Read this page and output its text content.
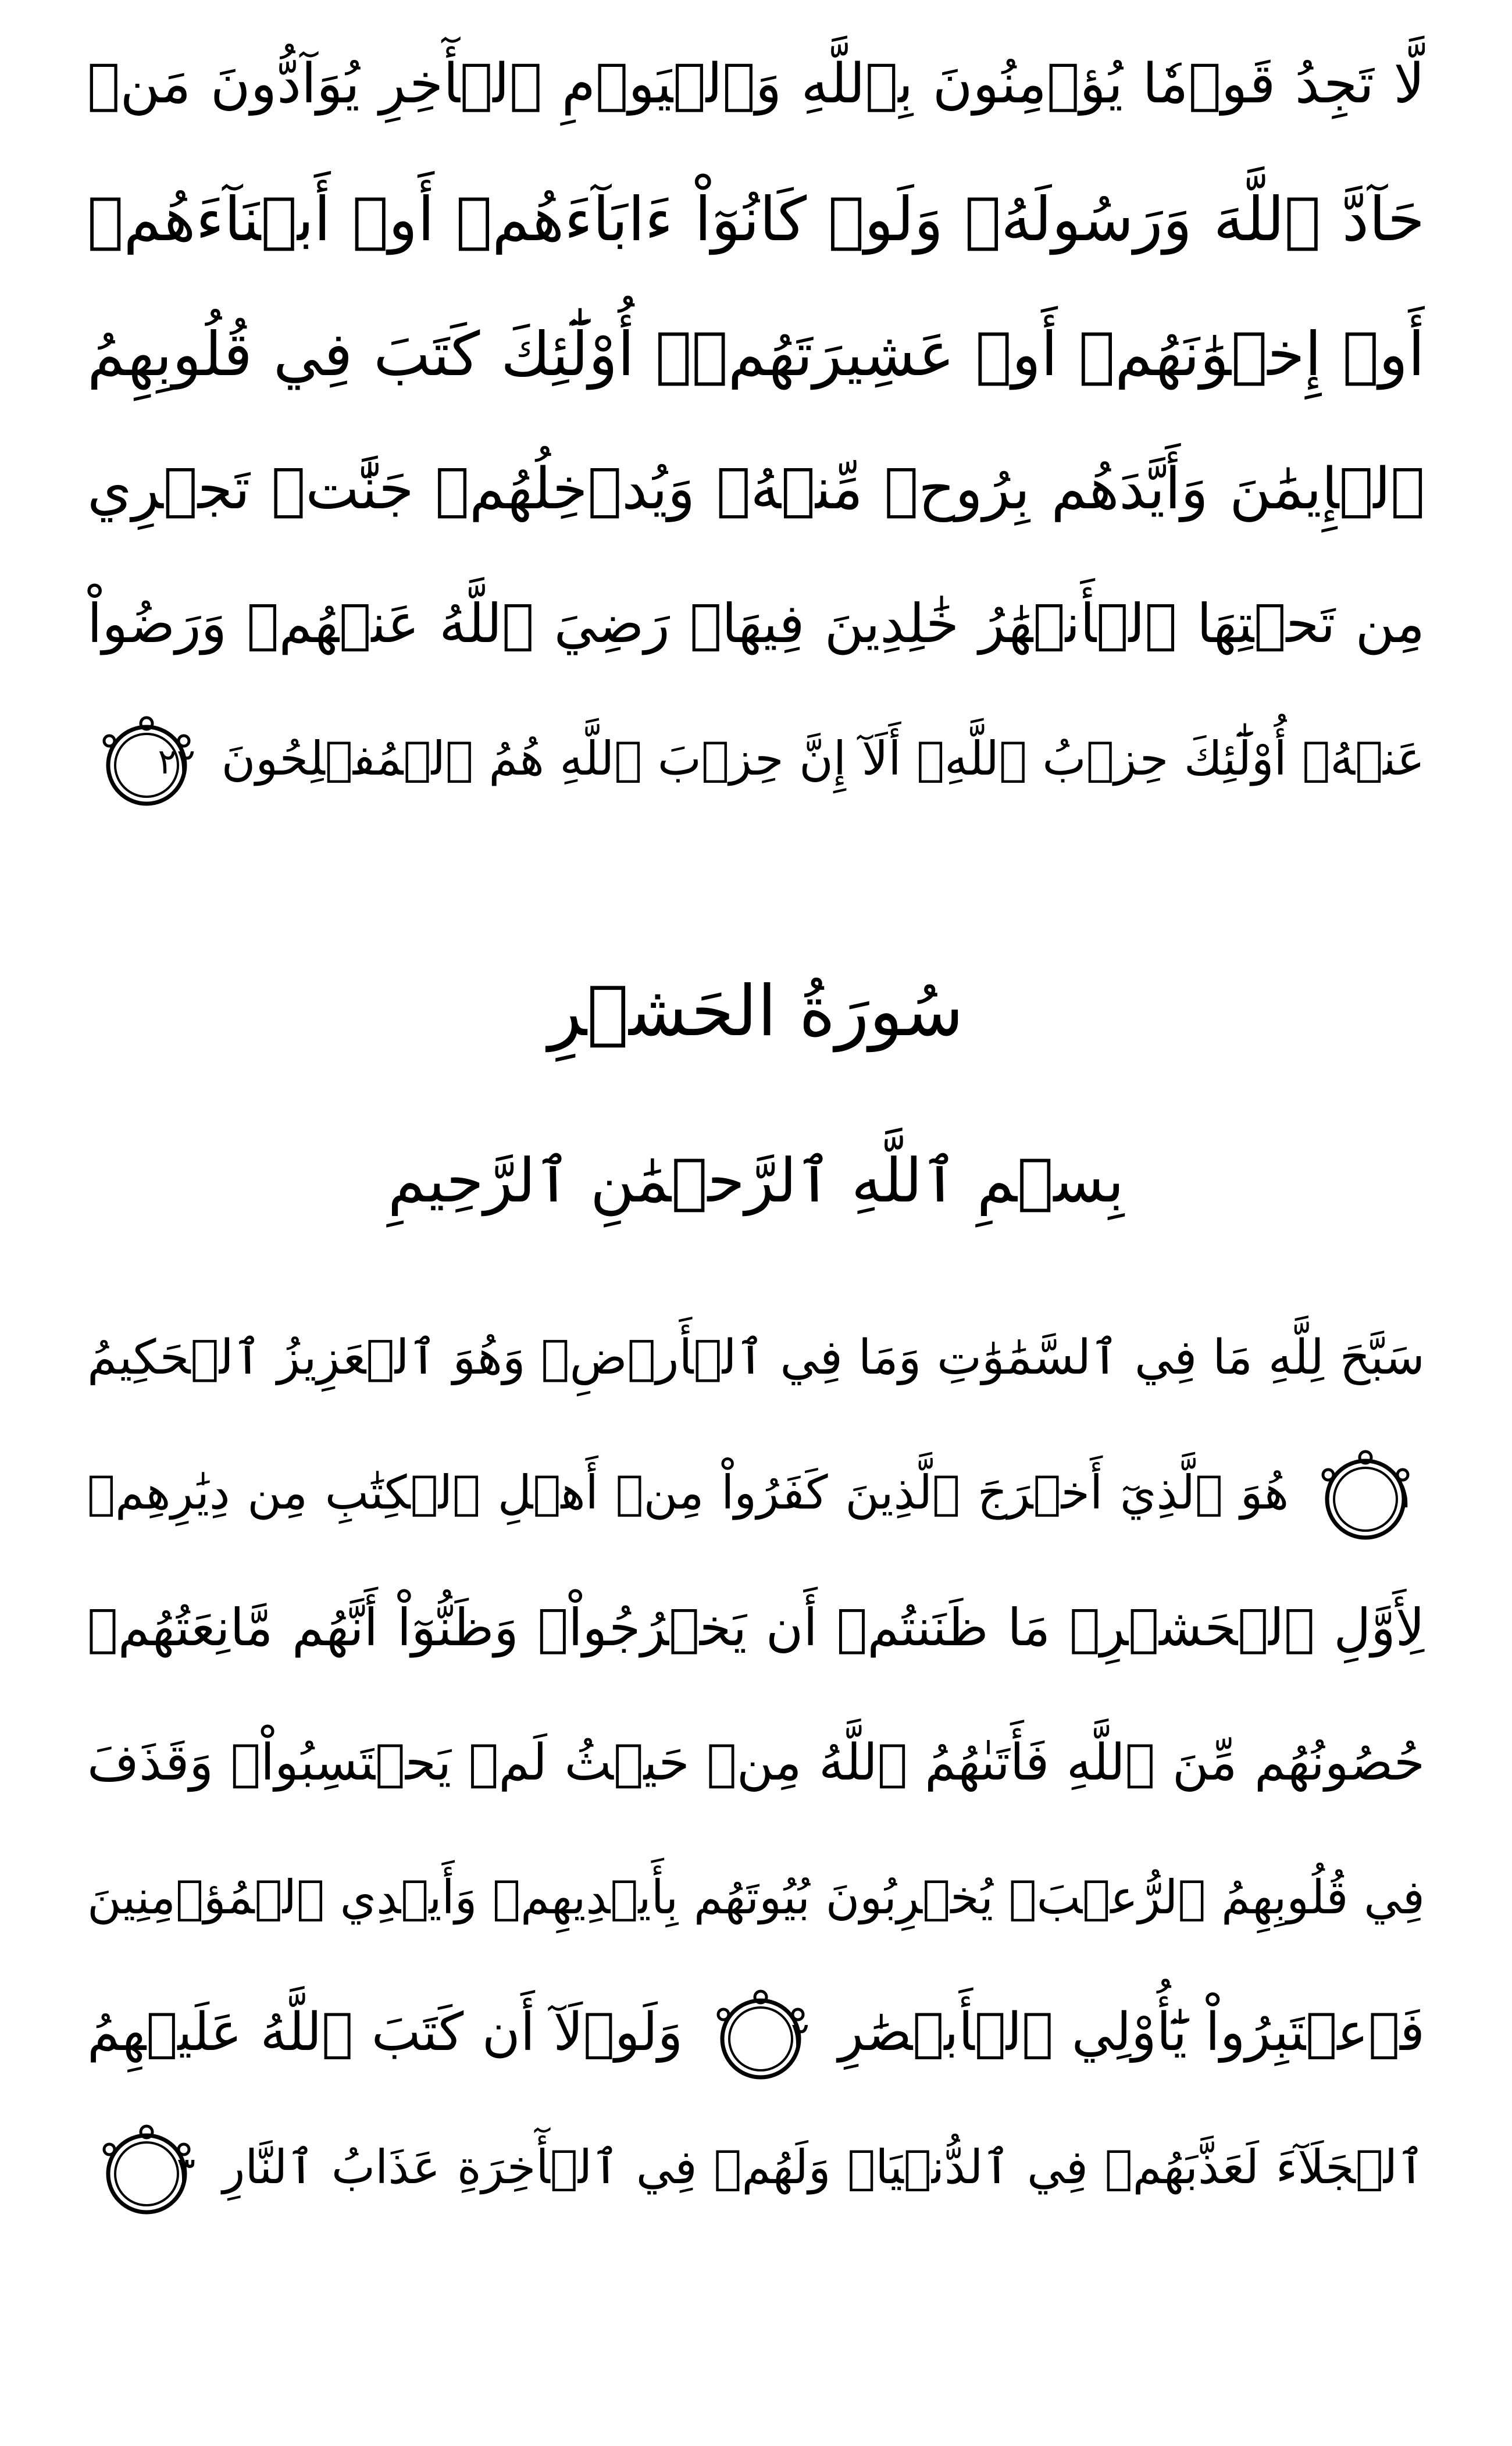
لَّا تَجِدُ قَوۡمٗا يُؤۡمِنُونَ بِٱللَّهِ وَٱلۡيَوۡمِ ٱلۡأٓخِرِ يُوَآدُّونَ مَنۡ
حَآدَّ ٱللَّهَ وَرَسُولَهُۥ وَلَوۡ كَانُوٓاْ ءَابَآءَهُمۡ أَوۡ أَبۡنَآءَهُمۡ
أَوۡ إِخۡوَٰنَهُمۡ أَوۡ عَشِيرَتَهُمۡۚ أُوْلَٰٓئِكَ كَتَبَ فِي قُلُوبِهِمُ
ٱلۡإِيمَٰنَ وَأَيَّدَهُم بِرُوحٖ مِّنۡهُۖ وَيُدۡخِلُهُمۡ جَنَّٰتٖ تَجۡرِي
مِن تَحۡتِهَا ٱلۡأَنۡهَٰرُ خَٰلِدِينَ فِيهَاۚ رَضِيَ ٱللَّهُ عَنۡهُمۡ وَرَضُواْ
عَنۡهُۚ أُوْلَٰٓئِكَ حِزۡبُ ٱللَّهِۚ أَلَآ إِنَّ حِزۡبَ ٱللَّهِ هُمُ ٱلۡمُفۡلِحُونَ
٢٢
سُورَةُ الحَشۡرِ
بِسۡمِ ٱللَّهِ ٱلرَّحۡمَٰنِ ٱلرَّحِيمِ
سَبَّحَ لِلَّهِ مَا فِي ٱلسَّمَٰوَٰتِ وَمَا فِي ٱلۡأَرۡضِۖ وَهُوَ ٱلۡعَزِيزُ ٱلۡحَكِيمُ
١
هُوَ ٱلَّذِيٓ أَخۡرَجَ ٱلَّذِينَ كَفَرُواْ مِنۡ أَهۡلِ ٱلۡكِتَٰبِ مِن دِيَٰرِهِمۡ
لِأَوَّلِ ٱلۡحَشۡرِۚ مَا ظَنَنتُمۡ أَن يَخۡرُجُواْۖ وَظَنُّوٓاْ أَنَّهُم مَّانِعَتُهُمۡ
حُصُونُهُم مِّنَ ٱللَّهِ فَأَتَىٰهُمُ ٱللَّهُ مِنۡ حَيۡثُ لَمۡ يَحۡتَسِبُواْۖ وَقَذَفَ
فِي قُلُوبِهِمُ ٱلرُّعۡبَۚ يُخۡرِبُونَ بُيُوتَهُم بِأَيۡدِيهِمۡ وَأَيۡدِي ٱلۡمُؤۡمِنِينَ
فَٱعۡتَبِرُواْ يَٰٓأُوْلِي ٱلۡأَبۡصَٰرِ
٢
وَلَوۡلَآ أَن كَتَبَ ٱللَّهُ عَلَيۡهِمُ
ٱلۡجَلَآءَ لَعَذَّبَهُمۡ فِي ٱلدُّنۡيَاۖ وَلَهُمۡ فِي ٱلۡأٓخِرَةِ عَذَابُ ٱلنَّارِ
٣
